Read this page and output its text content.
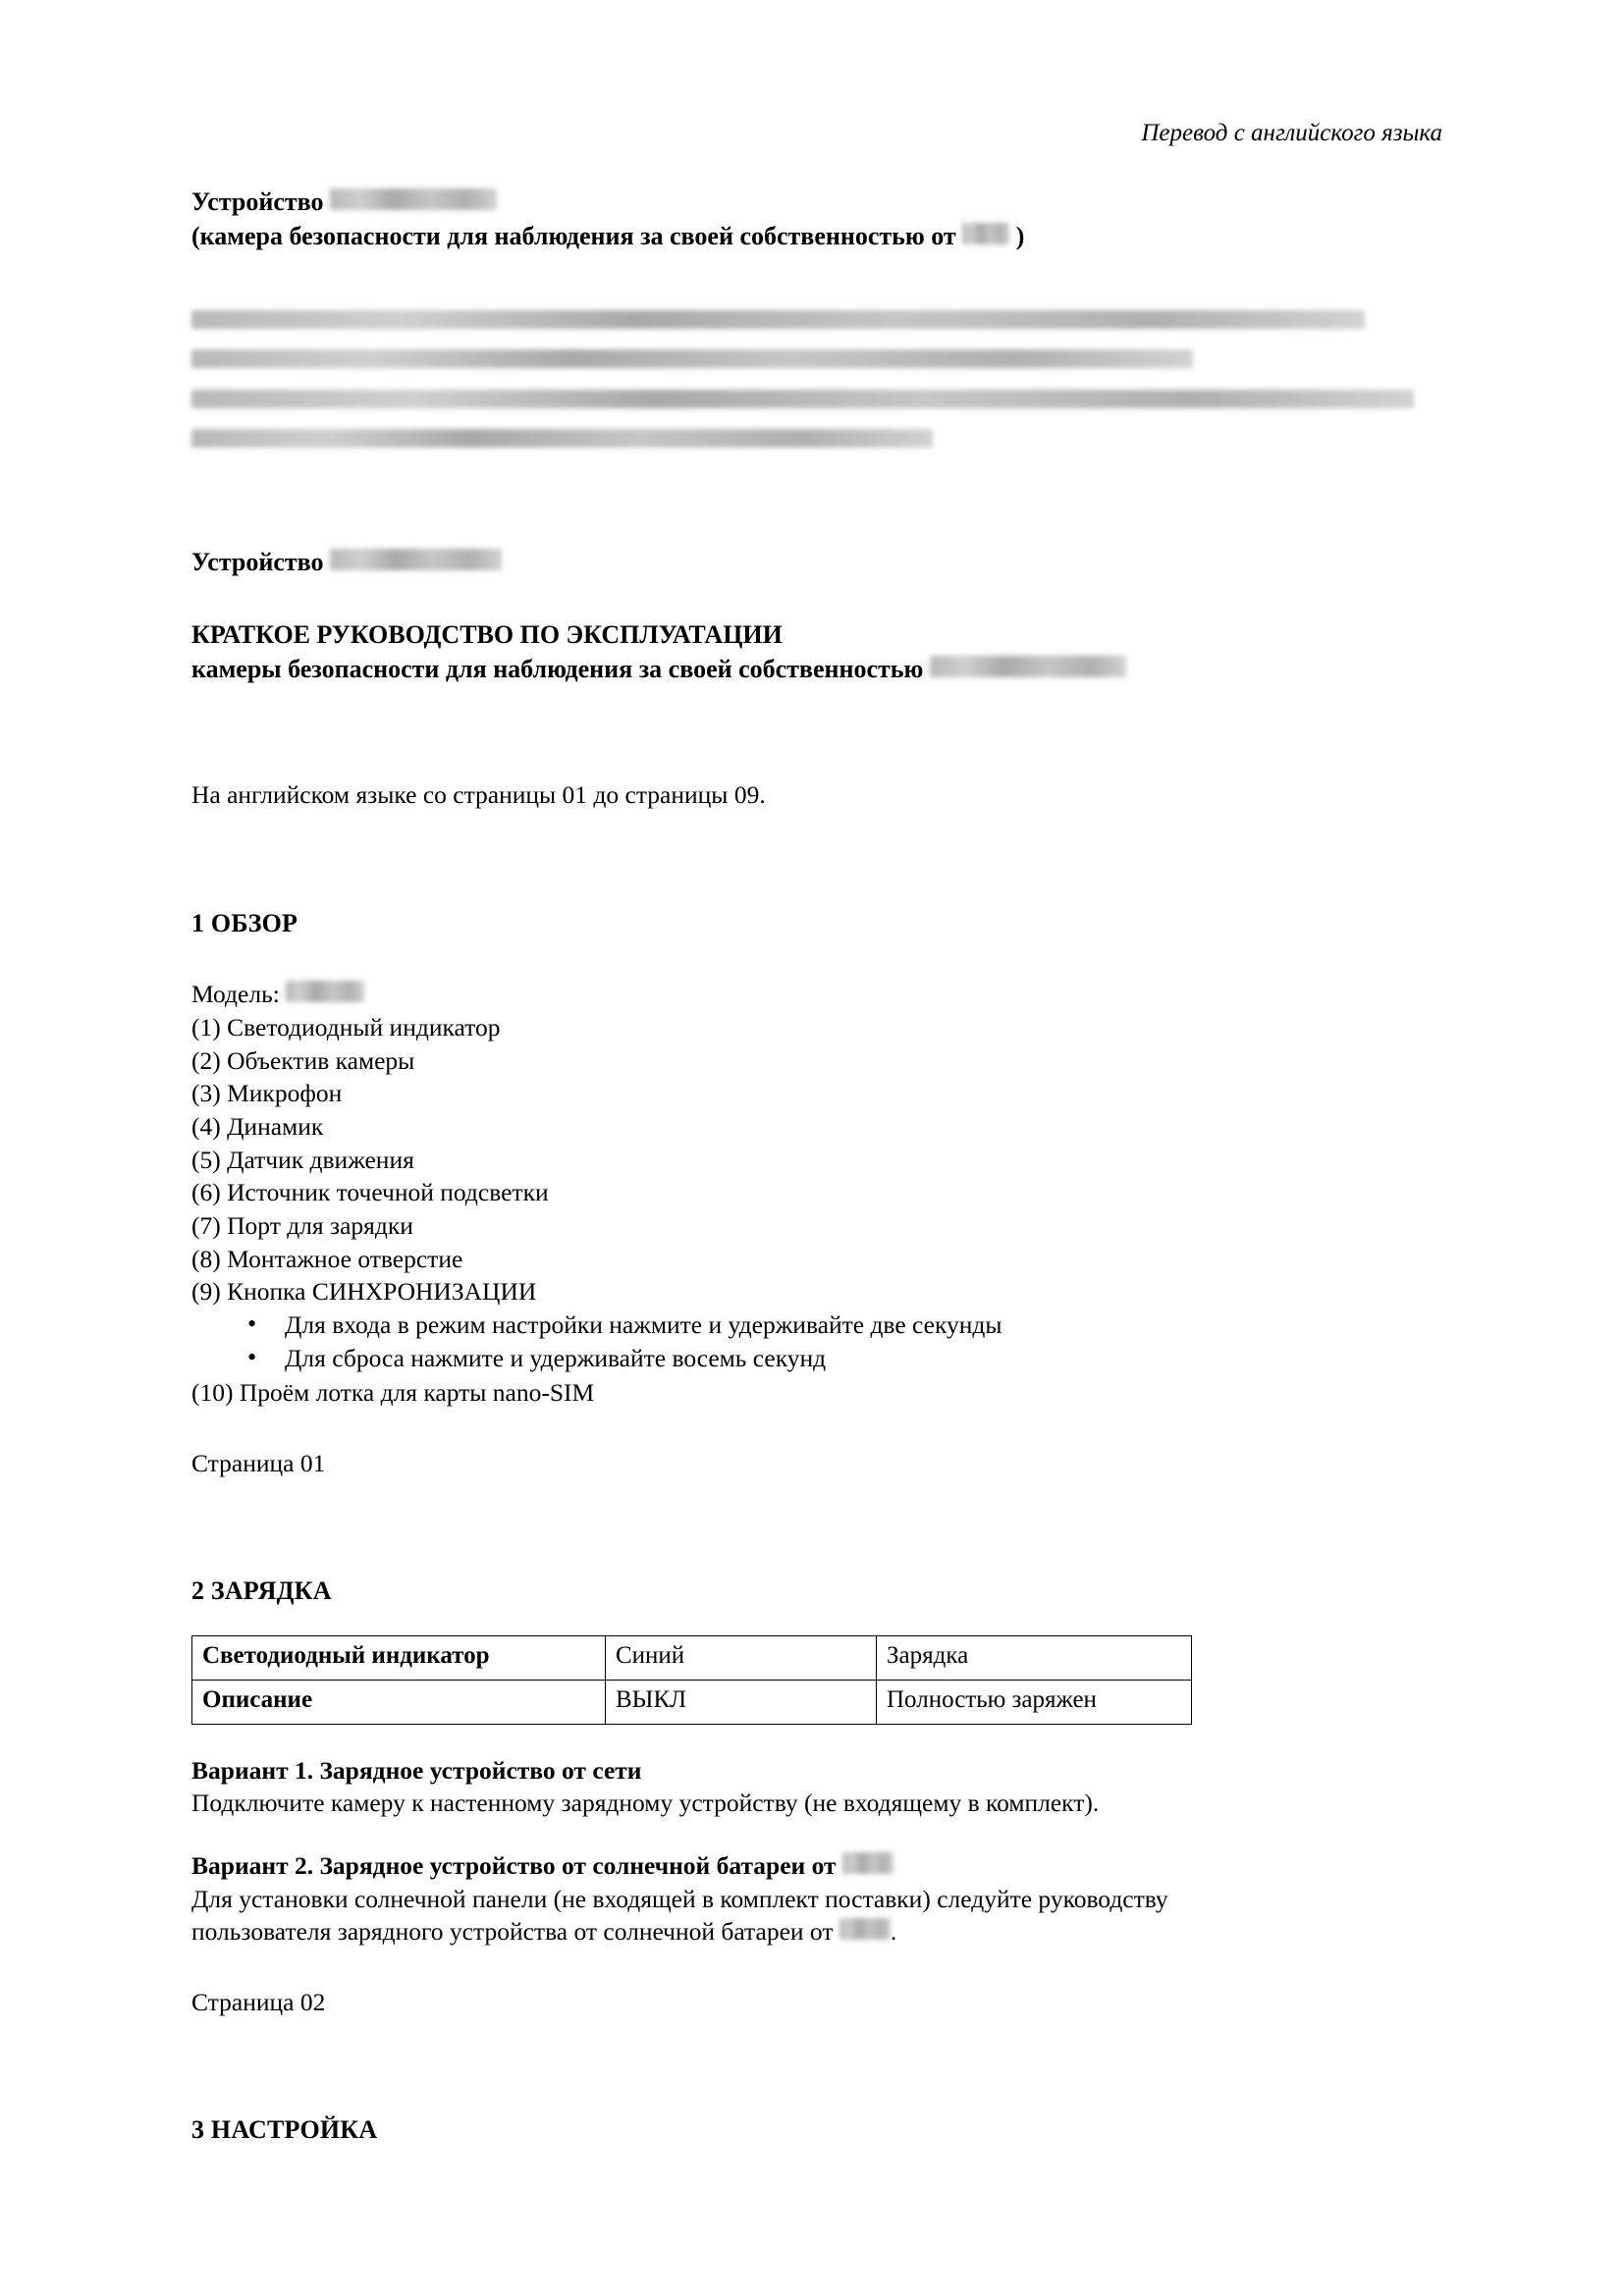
Перевод с английского языка
Устройство
(камера безопасности для наблюдения за своей собственностью от )

Устройство
КРАТКОЕ РУКОВОДСТВО ПО ЭКСПЛУАТАЦИИ
камеры безопасности для наблюдения за своей собственностью

На английском языке со страницы 01 до страницы 09.

1 ОБЗОР
Модель:
(1) Светодиодный индикатор
(2) Объектив камеры
(3) Микрофон
(4) Динамик
(5) Датчик движения
(6) Источник точечной подсветки
(7) Порт для зарядки
(8) Монтажное отверстие
(9) Кнопка СИНХРОНИЗАЦИИ
• Для входа в режим настройки нажмите и удерживайте две секунды
• Для сброса нажмите и удерживайте восемь секунд
(10) Проём лотка для карты nano-SIM
Страница 01
2 ЗАРЯДКА
Светодиодный индикатор	Синий	Зарядка
Описание	ВЫКЛ	Полностью заряжен
Вариант 1. Зарядное устройство от сети
Подключите камеру к настенному зарядному устройству (не входящему в комплект).
Вариант 2. Зарядное устройство от солнечной батареи от
Для установки солнечной панели (не входящей в комплект поставки) следуйте руководству
пользователя зарядного устройства от солнечной батареи от .
Страница 02
3 НАСТРОЙКА
